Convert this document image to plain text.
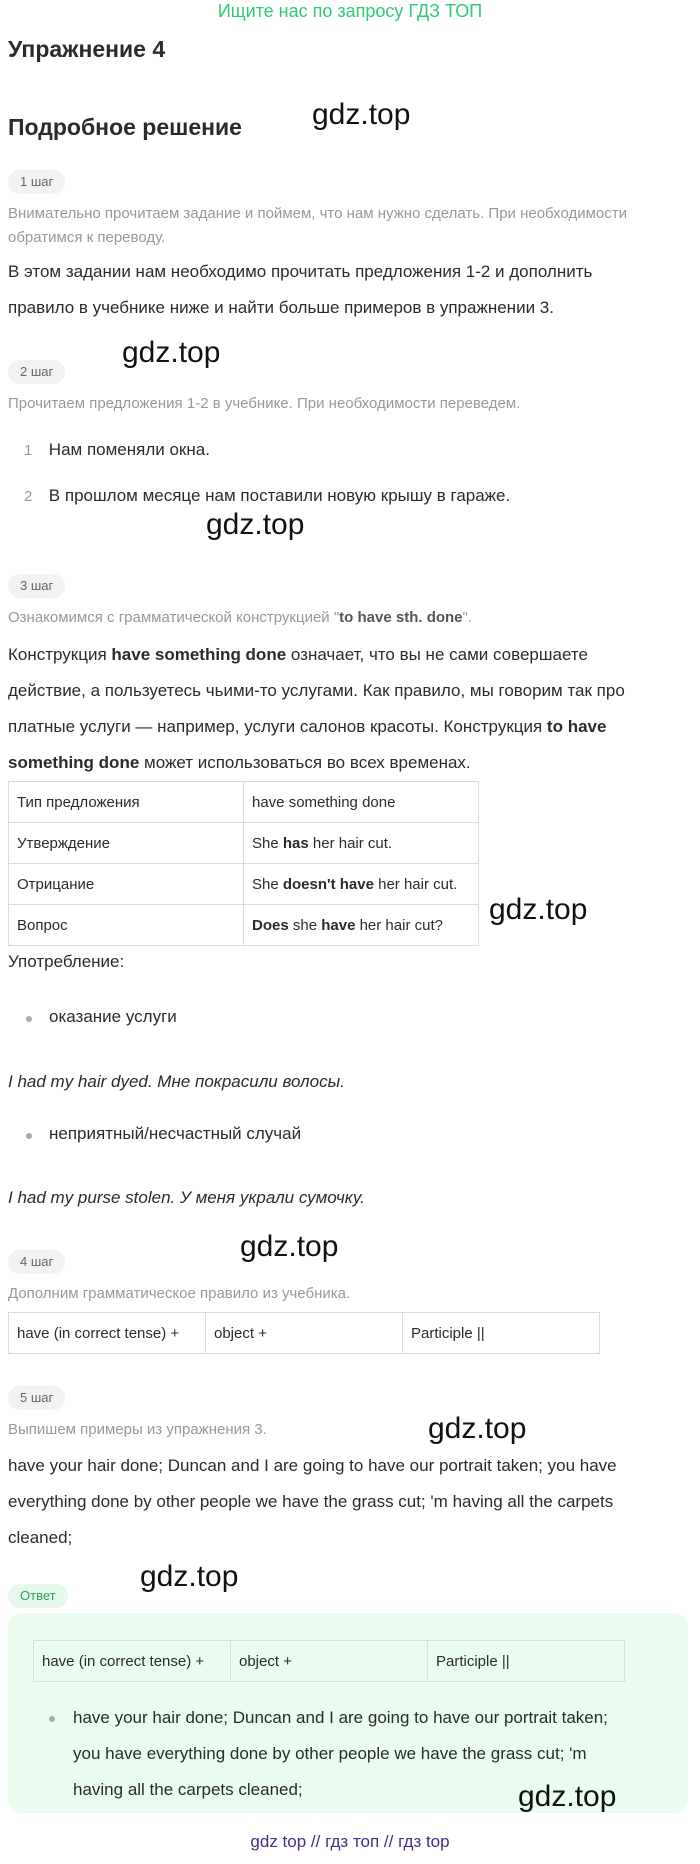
Ищите нас по запросу ГДЗ ТОП
Упражнение 4
Подробное решение gdz.top
1 шаг
Внимательно прочитаем задание и поймем, что нам нужно сделать. При необходимости
обратимся к переводу.
В этом задании нам необходимо прочитать предложения 1-2 и дополнить
правило в учебнике ниже и найти больше примеров в упражнении 3.
2 шаг
gdz.top
Прочитаем предложения 1-2 в учебнике. При необходимости переведем.
1 Нам поменяли окна.
2 В прошлом месяце нам поставили новую крышу в гараже.
gdz.top
3 шаг
Ознакомимся с грамматической конструкцией "to have sth. done".
Конструкция have something done означает, что вы не сами совершаете
действие, а пользуетесь чьими-то услугами. Как правило, мы говорим так про
платные услуги — например, услуги салонов красоты. Конструкция to have
something done может использоваться во всех временах.
Тип предложения	have something done
Утверждение	She has her hair cut.
Отрицание	She doesn't have her hair cut.
Вопрос	Does she have her hair cut? gdz.top
Употребление:
оказание услуги
I had my hair dyed. Мне покрасили волосы.
неприятный/несчастный случай
I had my purse stolen. У меня украли сумочку.
4 шаг	gdz.top
Дополним грамматическое правило из учебника.
have (in correct tense) +	object +	Participle ||
5 шаг
gdz.top
Выпишем примеры из упражнения 3.
have your hair done; Duncan and I are going to have our portrait taken; you have
everything done by other people we have the grass cut; 'm having all the carpets
cleaned;
Ответ
gdz.top
have (in correct tense) +	object +	Participle ||
have your hair done; Duncan and I are going to have our portrait taken;
you have everything done by other people we have the grass cut; 'm
having all the carpets cleaned;	gdz.top
gdz top // гдз топ // гдз top
